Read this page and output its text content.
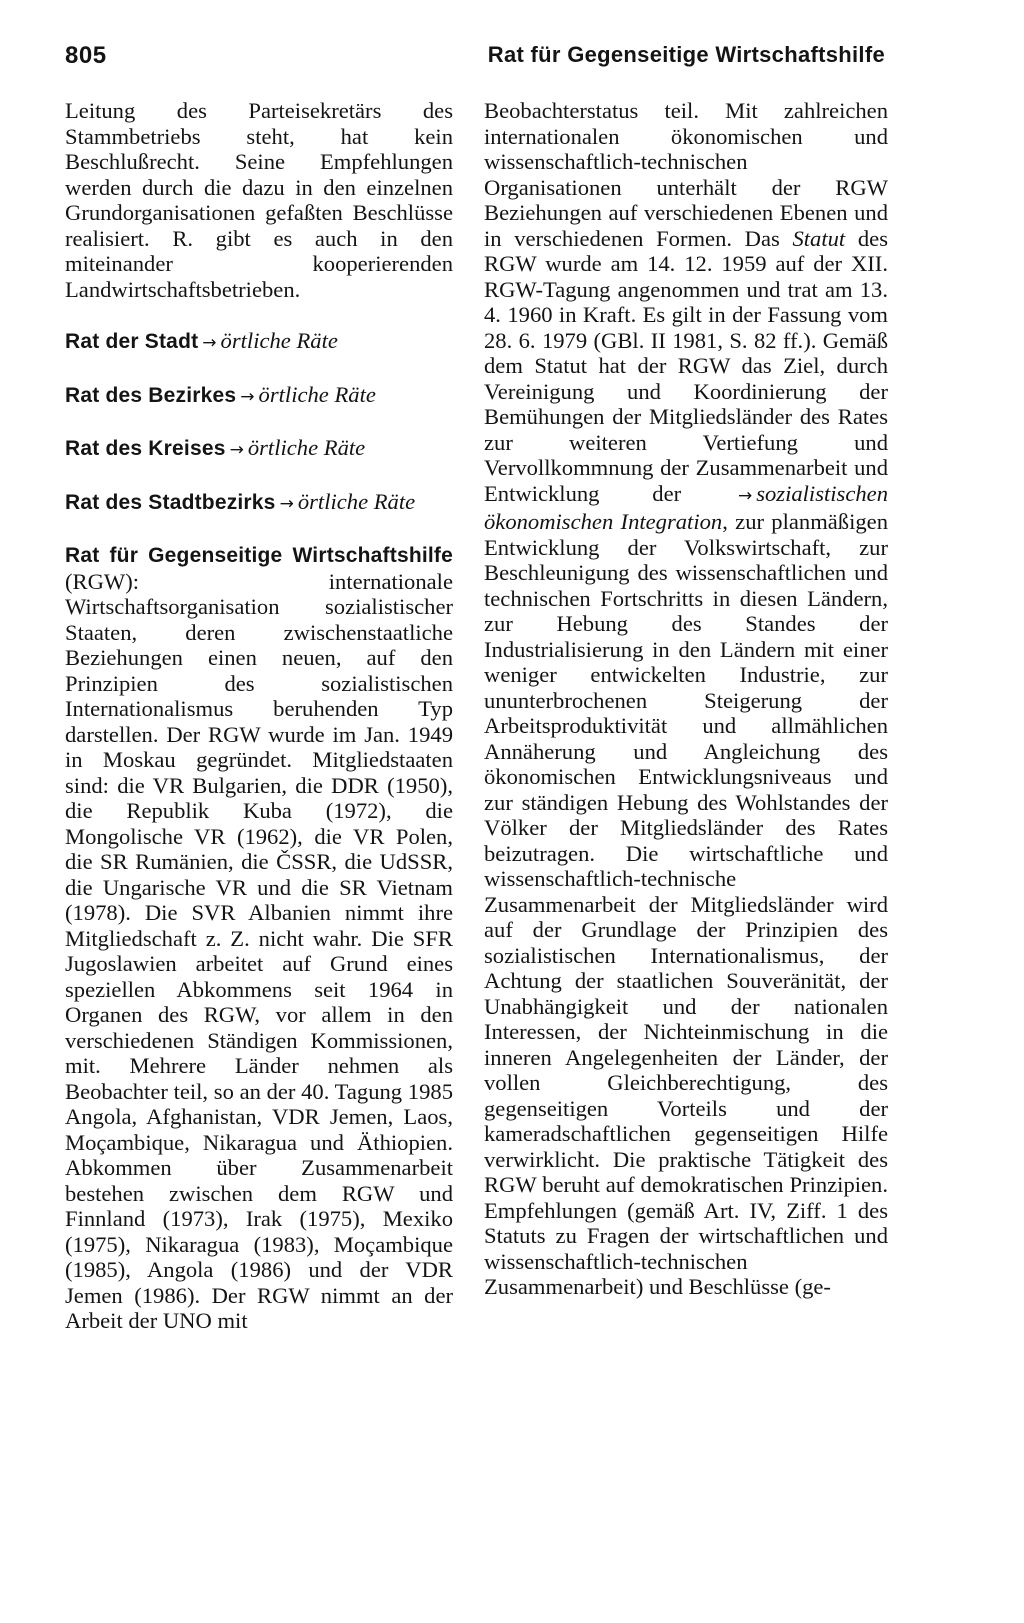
805	Rat für Gegenseitige Wirtschaftshilfe

Leitung des Parteisekretärs des Stammbetriebs steht, hat kein Beschlußrecht. Seine Empfehlungen werden durch die dazu in den einzelnen Grundorganisationen gefaßten Beschlüsse realisiert. R. gibt es auch in den miteinander kooperierenden Landwirtschaftsbetrieben.

Rat der Stadt → örtliche Räte

Rat des Bezirkes → örtliche Räte

Rat des Kreises → örtliche Räte

Rat des Stadtbezirks → örtliche Räte

Rat für Gegenseitige Wirtschaftshilfe (RGW): internationale Wirtschaftsorganisation sozialistischer Staaten, deren zwischenstaatliche Beziehungen einen neuen, auf den Prinzipien des sozialistischen Internationalismus beruhenden Typ darstellen. Der RGW wurde im Jan. 1949 in Moskau gegründet. Mitgliedstaaten sind: die VR Bulgarien, die DDR (1950), die Republik Kuba (1972), die Mongolische VR (1962), die VR Polen, die SR Rumänien, die ČSSR, die UdSSR, die Ungarische VR und die SR Vietnam (1978). Die SVR Albanien nimmt ihre Mitgliedschaft z. Z. nicht wahr. Die SFR Jugoslawien arbeitet auf Grund eines speziellen Abkommens seit 1964 in Organen des RGW, vor allem in den verschiedenen Ständigen Kommissionen, mit. Mehrere Länder nehmen als Beobachter teil, so an der 40. Tagung 1985 Angola, Afghanistan, VDR Jemen, Laos, Moçambique, Nikaragua und Äthiopien. Abkommen über Zusammenarbeit bestehen zwischen dem RGW und Finnland (1973), Irak (1975), Mexiko (1975), Nikaragua (1983), Moçambique (1985), Angola (1986) und der VDR Jemen (1986). Der RGW nimmt an der Arbeit der UNO mit

Beobachterstatus teil. Mit zahlreichen internationalen ökonomischen und wissenschaftlich-technischen Organisationen unterhält der RGW Beziehungen auf verschiedenen Ebenen und in verschiedenen Formen. Das Statut des RGW wurde am 14. 12. 1959 auf der XII. RGW-Tagung angenommen und trat am 13. 4. 1960 in Kraft. Es gilt in der Fassung vom 28. 6. 1979 (GBl. II 1981, S. 82 ff.). Gemäß dem Statut hat der RGW das Ziel, durch Vereinigung und Koordinierung der Bemühungen der Mitgliedsländer des Rates zur weiteren Vertiefung und Vervollkommnung der Zusammenarbeit und Entwicklung der	→ sozialistischen ökonomischen Integration, zur planmäßigen Entwicklung der Volkswirtschaft, zur Beschleunigung des wissenschaftlichen und technischen Fortschritts in diesen Ländern, zur Hebung des Standes der Industrialisierung in den Ländern mit einer weniger entwickelten Industrie, zur ununterbrochenen Steigerung der Arbeitsproduktivität und allmählichen Annäherung und Angleichung des ökonomischen Entwicklungsniveaus und zur ständigen Hebung des Wohlstandes der Völker der Mitgliedsländer des Rates beizutragen. Die wirtschaftliche und wissenschaftlich-technische Zusammenarbeit der Mitgliedsländer wird auf der Grundlage der Prinzipien des sozialistischen Internationalismus, der Achtung der staatlichen Souveränität, der Unabhängigkeit und der nationalen Interessen, der Nichteinmischung in die inneren Angelegenheiten der Länder, der vollen Gleichberechtigung, des gegenseitigen Vorteils und der kameradschaftlichen gegenseitigen Hilfe verwirklicht. Die praktische Tätigkeit des RGW beruht auf demokratischen Prinzipien. Empfehlungen (gemäß Art. IV, Ziff. 1 des Statuts zu Fragen der wirtschaftlichen und wissenschaftlich-technischen Zusammenarbeit) und Beschlüsse (ge-
